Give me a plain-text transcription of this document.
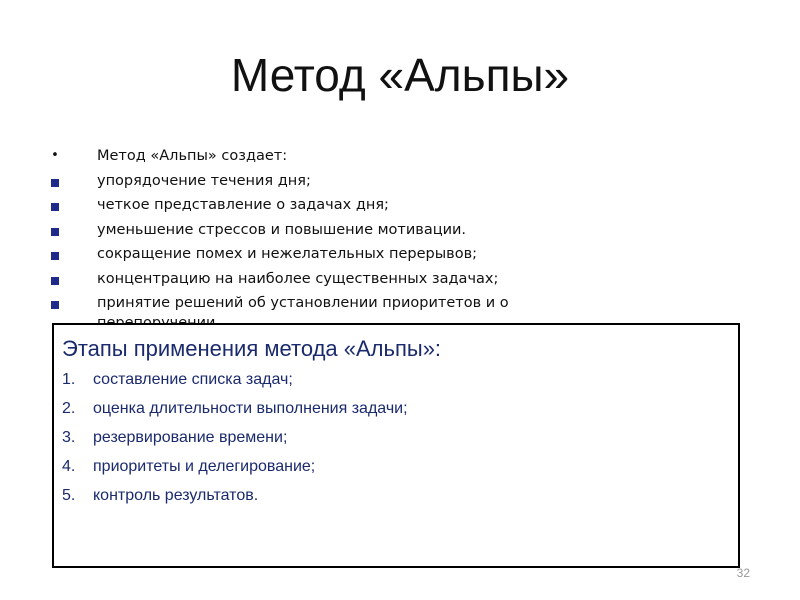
Метод «Альпы»
•	Метод «Альпы» создает:
упорядочение течения дня;
четкое представление о задачах дня;
уменьшение стрессов и повышение мотивации.
сокращение помех и нежелательных перерывов;
концентрацию на наиболее существенных задачах;
принятие решений об установлении приоритетов и о
Этапы применения метода «Альпы»:
1. составление списка задач;
2. оценка длительности выполнения задачи;
3. резервирование времени;
4. приоритеты и делегирование;
5. контроль результатов.
32
